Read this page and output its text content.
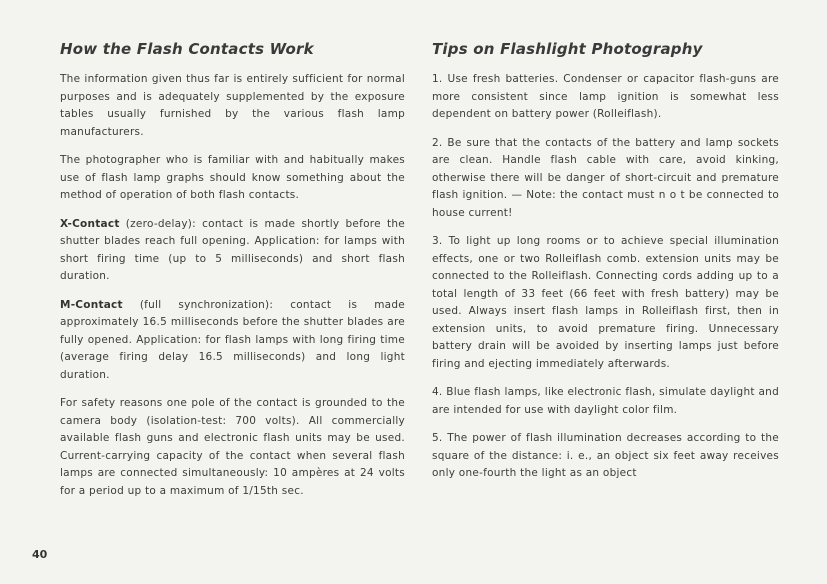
How the Flash Contacts Work

The information given thus far is entirely sufficient for normal purposes and is adequately supplemented by the exposure tables usually furnished by the various flash lamp manufacturers.

The photographer who is familiar with and habitually makes use of flash lamp graphs should know something about the method of operation of both flash contacts.

X-Contact (zero-delay): contact is made shortly before the shutter blades reach full opening. Application: for lamps with short firing time (up to 5 milliseconds) and short flash duration.

M-Contact (full synchronization): contact is made approximately 16.5 milliseconds before the shutter blades are fully opened. Application: for flash lamps with long firing time (average firing delay 16.5 milliseconds) and long light duration.

For safety reasons one pole of the contact is grounded to the camera body (isolation-test: 700 volts). All commercially available flash guns and electronic flash units may be used. Current-carrying capacity of the contact when several flash lamps are connected simultaneously: 10 ampères at 24 volts for a period up to a maximum of 1/15th sec.

Tips on Flashlight Photography

1. Use fresh batteries. Condenser or capacitor flash-guns are more consistent since lamp ignition is somewhat less dependent on battery power (Rolleiflash).

2. Be sure that the contacts of the battery and lamp sockets are clean. Handle flash cable with care, avoid kinking, otherwise there will be danger of short-circuit and premature flash ignition. — Note: the contact must n o t be connected to house current!

3. To light up long rooms or to achieve special illumination effects, one or two Rolleiflash comb. extension units may be connected to the Rolleiflash. Connecting cords adding up to a total length of 33 feet (66 feet with fresh battery) may be used. Always insert flash lamps in Rolleiflash first, then in extension units, to avoid premature firing. Unnecessary battery drain will be avoided by inserting lamps just before firing and ejecting immediately afterwards.

4. Blue flash lamps, like electronic flash, simulate daylight and are intended for use with daylight color film.

5. The power of flash illumination decreases according to the square of the distance: i. e., an object six feet away receives only one-fourth the light as an object

40
